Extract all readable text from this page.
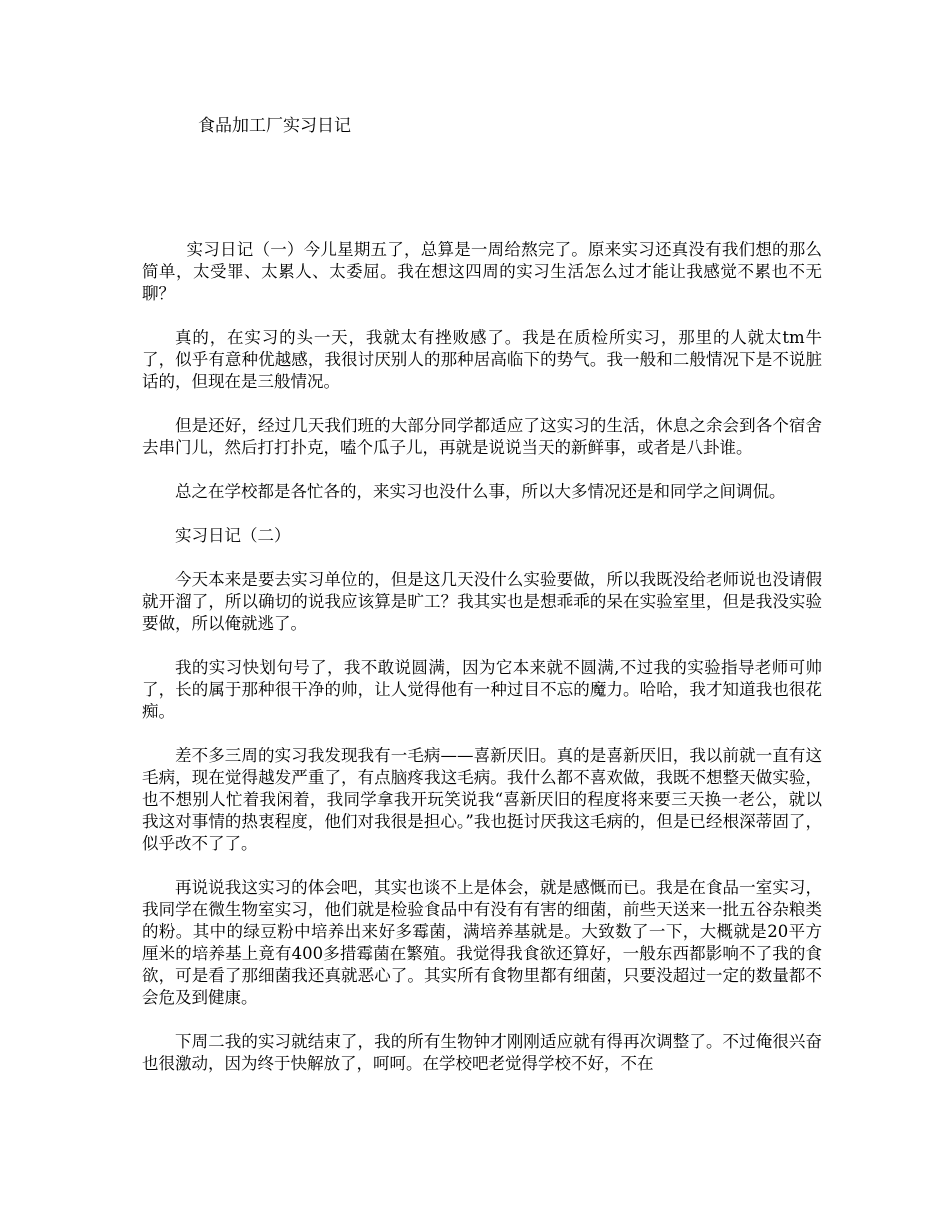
食品加工厂实习日记

实习日记（一）今儿星期五了，总算是一周给熬完了。原来实习还真没有我们想的那么简单，太受罪、太累人、太委屈。我在想这四周的实习生活怎么过才能让我感觉不累也不无聊？

真的，在实习的头一天，我就太有挫败感了。我是在质检所实习，那里的人就太tm牛了，似乎有意种优越感，我很讨厌别人的那种居高临下的势气。我一般和二般情况下是不说脏话的，但现在是三般情况。

但是还好，经过几天我们班的大部分同学都适应了这实习的生活，休息之余会到各个宿舍去串门儿，然后打打扑克，嗑个瓜子儿，再就是说说当天的新鲜事，或者是八卦谁。

总之在学校都是各忙各的，来实习也没什么事，所以大多情况还是和同学之间调侃。

实习日记（二）

今天本来是要去实习单位的，但是这几天没什么实验要做，所以我既没给老师说也没请假就开溜了，所以确切的说我应该算是旷工？我其实也是想乖乖的呆在实验室里，但是我没实验要做，所以俺就逃了。

我的实习快划句号了，我不敢说圆满，因为它本来就不圆满,不过我的实验指导老师可帅了，长的属于那种很干净的帅，让人觉得他有一种过目不忘的魔力。哈哈，我才知道我也很花痴。

差不多三周的实习我发现我有一毛病——喜新厌旧。真的是喜新厌旧，我以前就一直有这毛病，现在觉得越发严重了，有点脑疼我这毛病。我什么都不喜欢做，我既不想整天做实验，也不想别人忙着我闲着，我同学拿我开玩笑说我“喜新厌旧的程度将来要三天换一老公，就以我这对事情的热衷程度，他们对我很是担心。”我也挺讨厌我这毛病的，但是已经根深蒂固了，似乎改不了了。

再说说我这实习的体会吧，其实也谈不上是体会，就是感慨而已。我是在食品一室实习，我同学在微生物室实习，他们就是检验食品中有没有有害的细菌，前些天送来一批五谷杂粮类的粉。其中的绿豆粉中培养出来好多霉菌，满培养基就是。大致数了一下，大概就是20平方厘米的培养基上竟有400多措霉菌在繁殖。我觉得我食欲还算好，一般东西都影响不了我的食欲，可是看了那细菌我还真就恶心了。其实所有食物里都有细菌，只要没超过一定的数量都不会危及到健康。

下周二我的实习就结束了，我的所有生物钟才刚刚适应就有得再次调整了。不过俺很兴奋也很激动，因为终于快解放了，呵呵。在学校吧老觉得学校不好，不在
